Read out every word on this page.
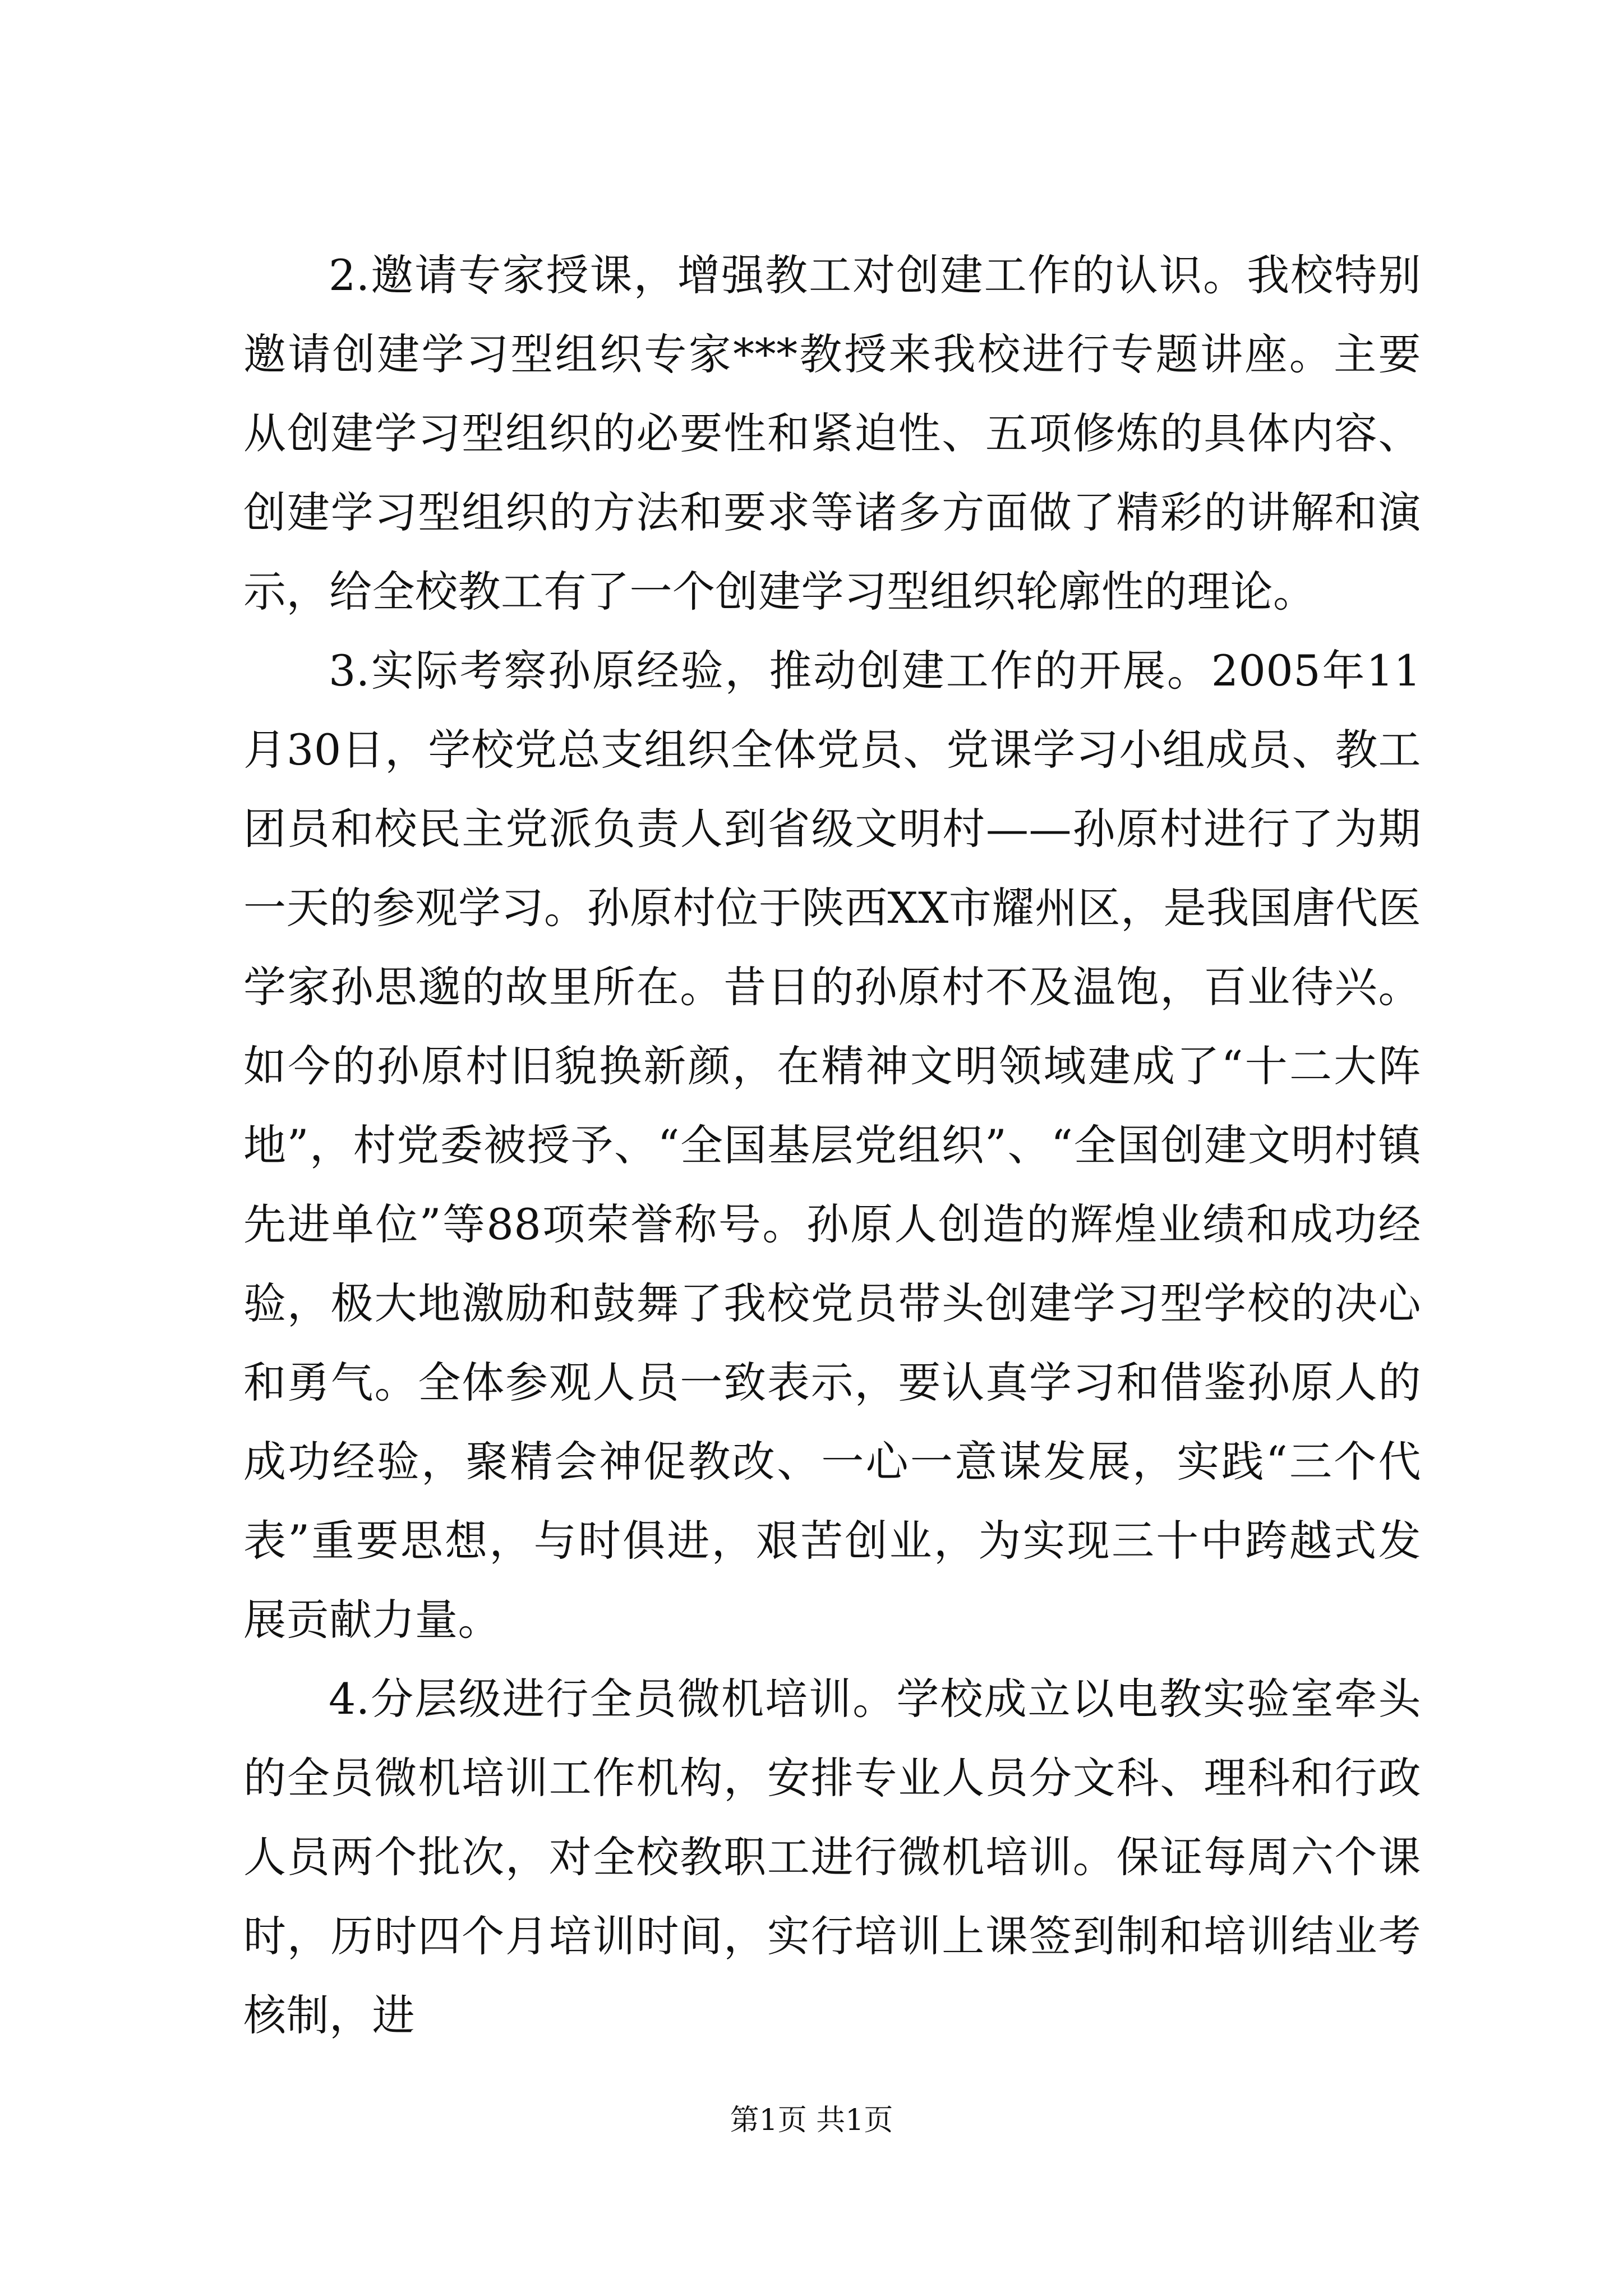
2.邀请专家授课，增强教工对创建工作的认识。我校特别邀请创建学习型组织专家***教授来我校进行专题讲座。主要从创建学习型组织的必要性和紧迫性、五项修炼的具体内容、创建学习型组织的方法和要求等诸多方面做了精彩的讲解和演示，给全校教工有了一个创建学习型组织轮廓性的理论。

3.实际考察孙原经验，推动创建工作的开展。2005年11月30日，学校党总支组织全体党员、党课学习小组成员、教工团员和校民主党派负责人到省级文明村——孙原村进行了为期一天的参观学习。孙原村位于陕西XX市耀州区，是我国唐代医学家孙思邈的故里所在。昔日的孙原村不及温饱，百业待兴。如今的孙原村旧貌换新颜，在精神文明领域建成了“十二大阵地”，村党委被授予、“全国基层党组织”、“全国创建文明村镇先进单位”等88项荣誉称号。孙原人创造的辉煌业绩和成功经验，极大地激励和鼓舞了我校党员带头创建学习型学校的决心和勇气。全体参观人员一致表示，要认真学习和借鉴孙原人的成功经验，聚精会神促教改、一心一意谋发展，实践“三个代表”重要思想，与时俱进，艰苦创业，为实现三十中跨越式发展贡献力量。

4.分层级进行全员微机培训。学校成立以电教实验室牵头的全员微机培训工作机构，安排专业人员分文科、理科和行政人员两个批次，对全校教职工进行微机培训。保证每周六个课时，历时四个月培训时间，实行培训上课签到制和培训结业考核制，进

第1页 共1页
